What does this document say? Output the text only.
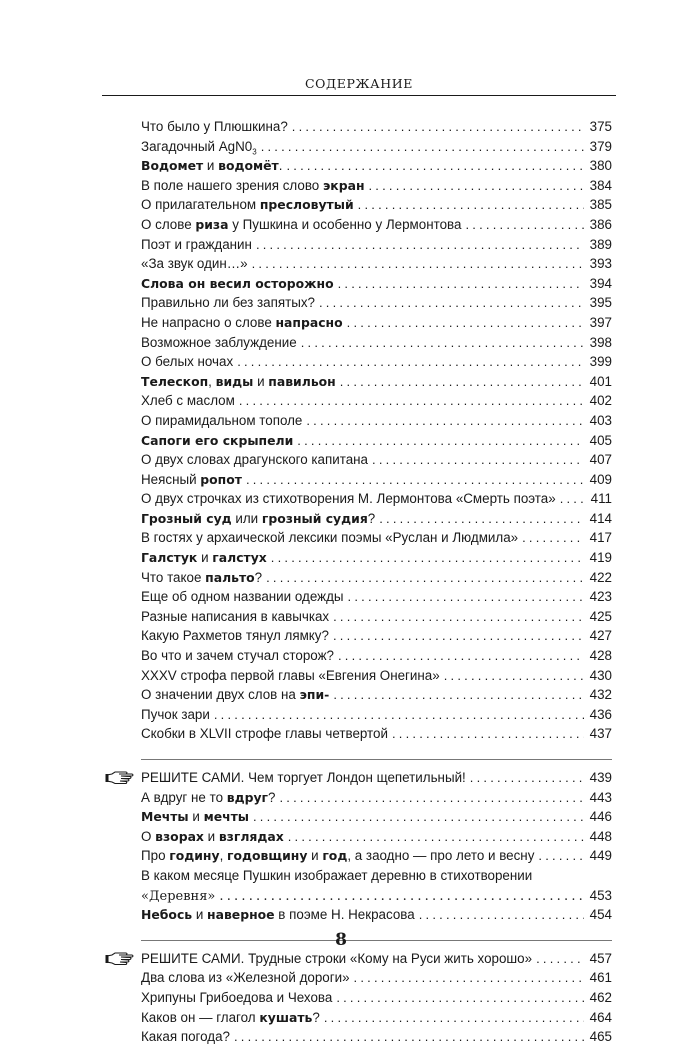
СОДЕРЖАНИЕ
Что было у Плюшкина? .....	375
Загадочный $AgN0_3$ .....	379
Водомет и водомёт. .....	380
В поле нашего зрения слово экран .....	384
О прилагательном пресловутый .....	385
О слове риза у Пушкина и особенно у Лермонтова .....	386
Поэт и гражданин .....	389
«За звук один…» .....	393
Слова он весил осторожно .....	394
Правильно ли без запятых? .....	395
Не напрасно о слове напрасно .....	397
Возможное заблуждение .....	398
О белых ночах .....	399
Телескоп, виды и павильон .....	401
Хлеб с маслом .....	402
О пирамидальном тополе .....	403
Сапоги его скрыпели .....	405
О двух словах драгунского капитана .....	407
Неясный ропот .....	409
О двух строчках из стихотворения М. Лермонтова «Смерть поэта» .....	411
Грозный суд или грозный судия? .....	414
В гостях у архаической лексики поэмы «Руслан и Людмила» .....	417
Галстук и галстух .....	419
Что такое пальто? .....	422
Еще об одном названии одежды .....	423
Разные написания в кавычках .....	425
Какую Рахметов тянул лямку? .....	427
Во что и зачем стучал сторож? .....	428
XXXV строфа первой главы «Евгения Онегина» .....	430
О значении двух слов на эпи- .....	432
Пучок зари .....	436
Скобки в XLVII строфе главы четвертой .....	437
РЕШИТЕ САМИ. Чем торгует Лондон щепетильный! .....	439
А вдруг не то вдруг? .....	443
Мечты и мечты .....	446
О взорах и взглядах .....	448
Про годину, годовщину и год, а заодно — про лето и весну .....	449
В каком месяце Пушкин изображает деревню в стихотворении
«Деревня» .....	453
Небось и наверное в поэме Н. Некрасова .....	454
РЕШИТЕ САМИ. Трудные строки «Кому на Руси жить хорошо» .....	457
Два слова из «Железной дороги» .....	461
Хрипуны Грибоедова и Чехова .....	462
Каков он — глагол кушать? .....	464
Какая погода? .....	465
8
